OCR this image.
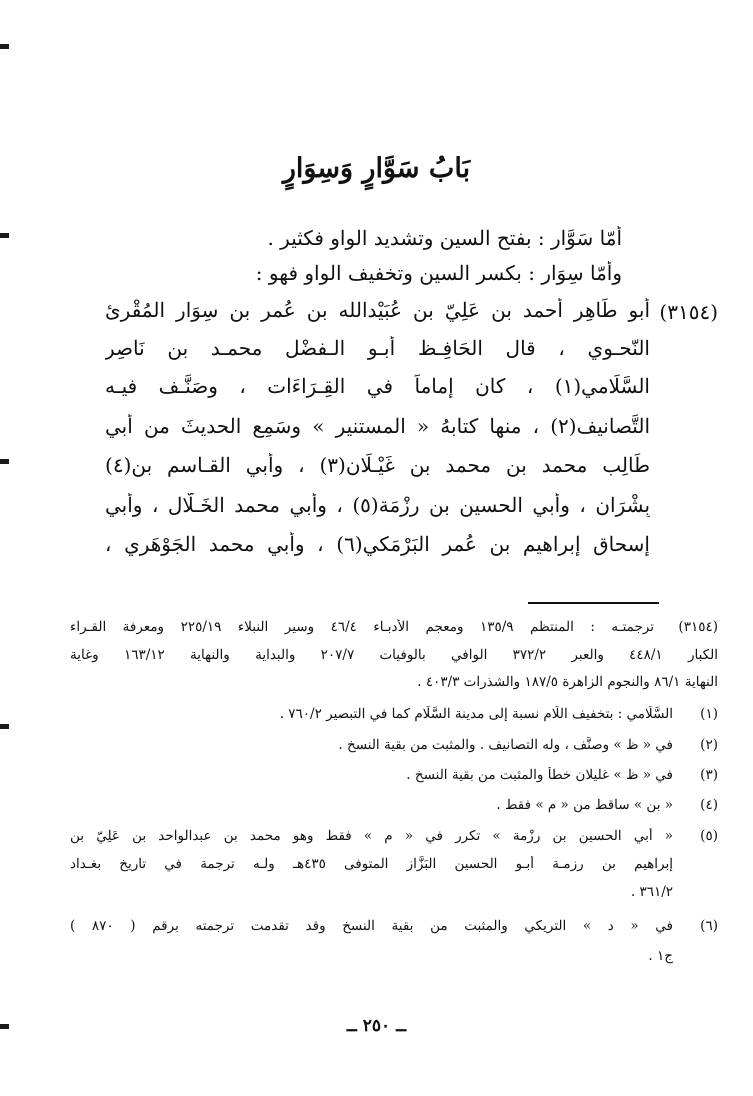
بَابُ سَوَّارٍ وَسِوَارٍ
أَمّا سَوَّار : بفتح السين وتشديد الواو فكثير .
وأَمّا سِوَار : بكسر السين وتخفيف الواو فهو :
أبو طَاهِر أحمد بن عَلِيّ بن عُبَيْدالله بن عُمر بن سِوَار المُقْرِئ
النّحـوي ، قال الحَافِـظ أبـو الـفضْل محمـد بن نَاصِر
السَّلَامي(١) ، كان إماماً في القِـرَاءَات ، وصَنَّـف فيـه
التَّصانيف(٢) ، منها كتابهُ « المستنير » وسَمِع الحديثَ من أبي
طَالِب محمد بن محمد بن غَيْـلَان(٣) ، وأبي القـاسم بن(٤)
بِشْرَان ، وأبي الحسين بن رِزْمَة(٥) ، وأبي محمد الخَـلَّال ، وأبي
إسحاق إبراهيم بن عُمر البَرْمَكي(٦) ، وأبي محمد الجَوْهَري ،
(٣١٥٤)
(٣١٥٤)
ترجمتـه : المنتظم ١٣٥/٩ ومعجم الأدبـاء ٤٦/٤ وسير النبلاء ٢٢٥/١٩ ومعرفة القـراء
الكبار ٤٤٨/١ والعبر ٣٧٢/٢ الوافي بالوفيات ٢٠٧/٧ والبداية والنهاية ١٦٣/١٢ وغاية
النهاية ٨٦/١ والنجوم الزاهرة ١٨٧/٥ والشذرات ٤٠٣/٣ .
(١)
السَّلَامي : بتخفيف اللّام نسبة إلى مدينة السَّلَام كما في التبصير ٧٦٠/٢ .
(٢)
في « ظ » وصنَّف ، وله التصانيف . والمثبت من بقية النسخ .
(٣)
في « ظ » غليلان خطأً والمثبت من بقية النسخ .
(٤)
« بن » ساقط من « م » فقط .
(٥)
« أبي الحسين بن رِزْمة » تكرر في « م » فقط وهو محمد بن عبدالواحد بن عَلِيّ بن
إبراهيم بن رزمـة أبـو الحسين البَزَّاز المتوفى ٤٣٥هـ ولـه ترجمة في تاريخ بغـداد
٣٦١/٢ .
(٦)
في « د » التريكي والمثبت من بقية النسخ وقد تقدمت ترجمته برقم ( ٨٧٠ )
ج١ .
ــ ٢٥٠ ــ
